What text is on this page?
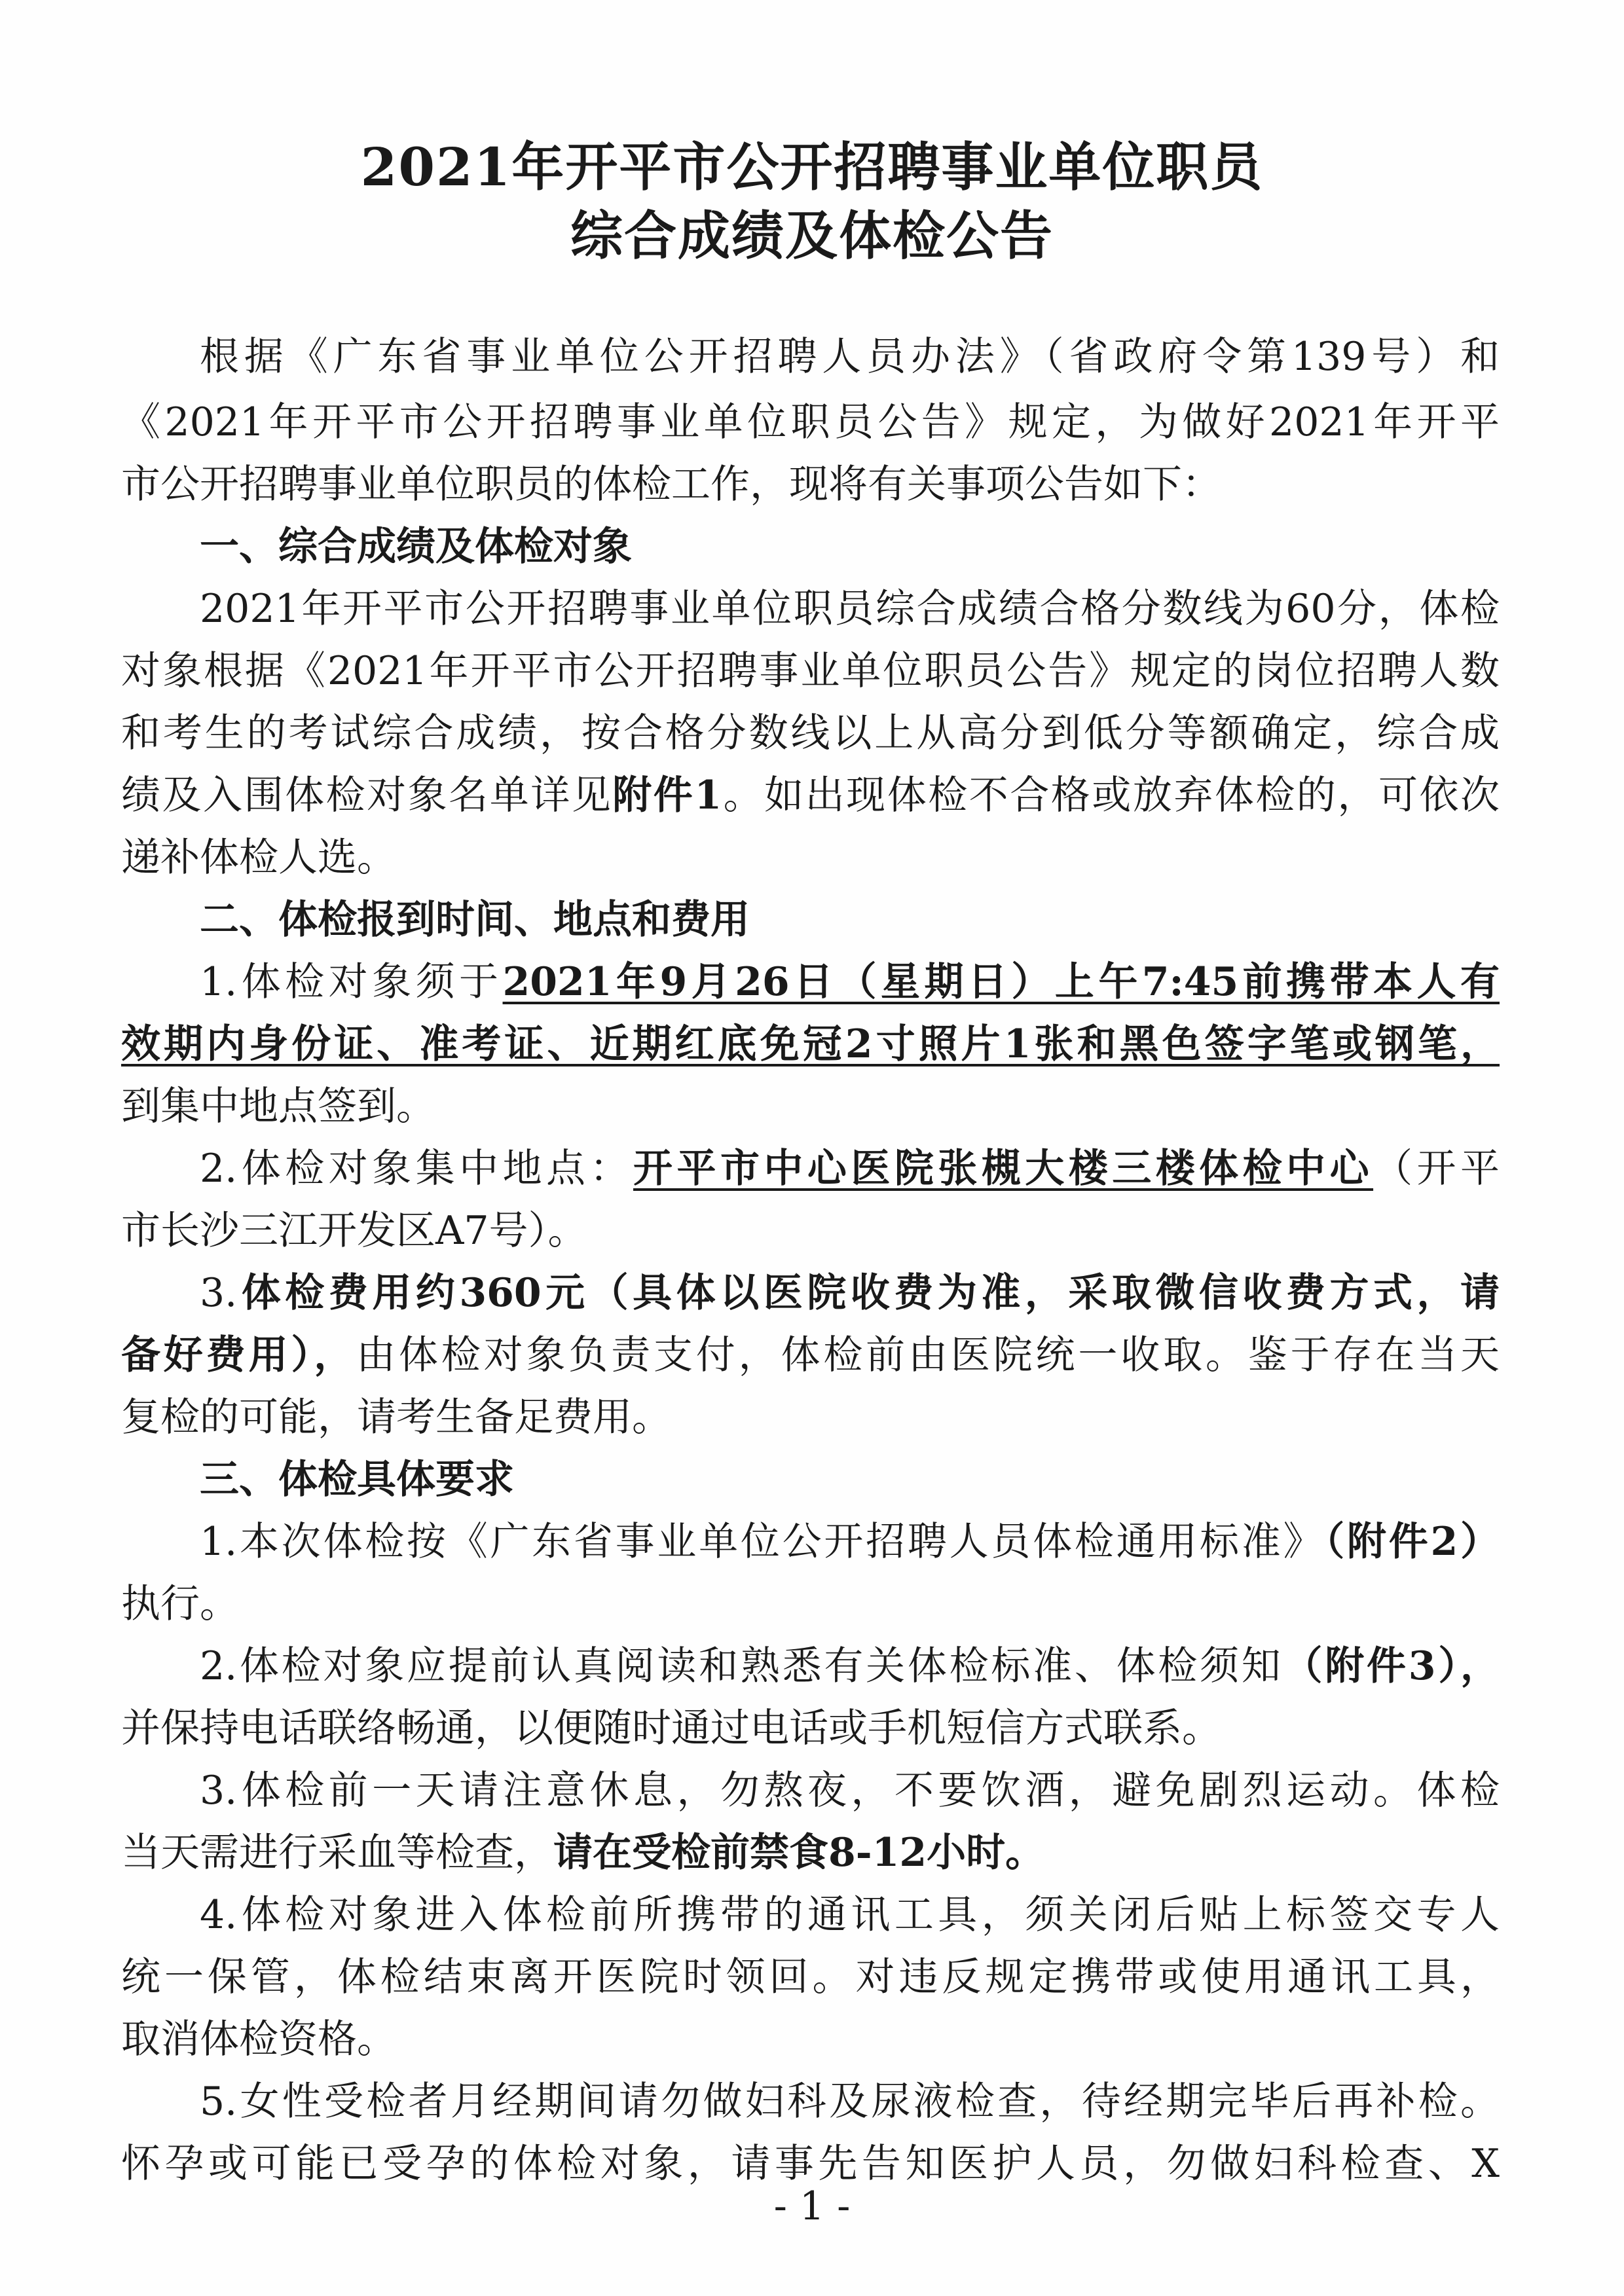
2021年开平市公开招聘事业单位职员
综合成绩及体检公告
根据《广东省事业单位公开招聘人员办法》（省政府令第139号）和
《2021年开平市公开招聘事业单位职员公告》规定，为做好2021年开平
市公开招聘事业单位职员的体检工作，现将有关事项公告如下：
一、综合成绩及体检对象
2021年开平市公开招聘事业单位职员综合成绩合格分数线为60分，体检
对象根据《2021年开平市公开招聘事业单位职员公告》规定的岗位招聘人数
和考生的考试综合成绩，按合格分数线以上从高分到低分等额确定，综合成
绩及入围体检对象名单详见附件1。如出现体检不合格或放弃体检的，可依次
递补体检人选。
二、体检报到时间、地点和费用
1.体检对象须于2021年9月26日（星期日）上午7:45前携带本人有
效期内身份证、准考证、近期红底免冠2寸照片1张和黑色签字笔或钢笔，
到集中地点签到。
2.体检对象集中地点：开平市中心医院张槻大楼三楼体检中心（开平
市长沙三江开发区A7号）。
3.体检费用约360元（具体以医院收费为准，采取微信收费方式，请
备好费用），由体检对象负责支付，体检前由医院统一收取。鉴于存在当天
复检的可能，请考生备足费用。
三、体检具体要求
1.本次体检按《广东省事业单位公开招聘人员体检通用标准》（附件2）
执行。
2.体检对象应提前认真阅读和熟悉有关体检标准、体检须知（附件3），
并保持电话联络畅通，以便随时通过电话或手机短信方式联系。
3.体检前一天请注意休息，勿熬夜，不要饮酒，避免剧烈运动。体检
当天需进行采血等检查，请在受检前禁食8-12小时。
4.体检对象进入体检前所携带的通讯工具，须关闭后贴上标签交专人
统一保管，体检结束离开医院时领回。对违反规定携带或使用通讯工具，
取消体检资格。
5.女性受检者月经期间请勿做妇科及尿液检查，待经期完毕后再补检。
怀孕或可能已受孕的体检对象，请事先告知医护人员，勿做妇科检查、X
- 1 -
